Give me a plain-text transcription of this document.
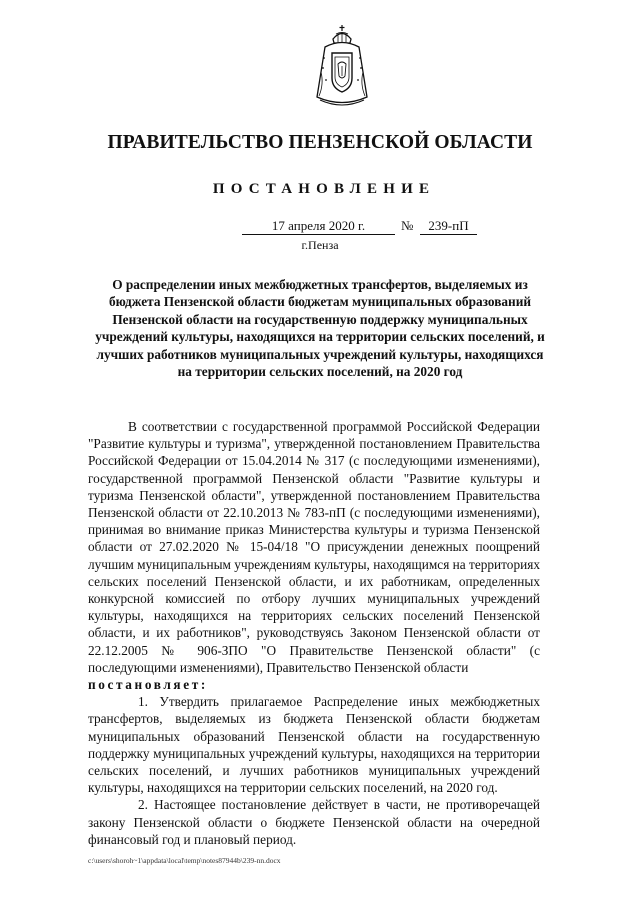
ПРАВИТЕЛЬСТВО ПЕНЗЕНСКОЙ ОБЛАСТИ
ПОСТАНОВЛЕНИЕ
17 апреля 2020 г.	№	239-пП
г.Пенза
О распределении иных межбюджетных трансфертов, выделяемых из бюджета Пензенской области бюджетам муниципальных образований Пензенской области на государственную поддержку муниципальных учреждений культуры, находящихся на территории сельских поселений, и лучших работников муниципальных учреждений культуры, находящихся на территории сельских поселений, на 2020 год

В соответствии с государственной программой Российской Федерации "Развитие культуры и туризма", утвержденной постановлением Правительства Российской Федерации от 15.04.2014 № 317 (с последующими изменениями), государственной программой Пензенской области "Развитие культуры и туризма Пензенской области", утвержденной постановлением Правительства Пензенской области от 22.10.2013 № 783-пП (с последующими изменениями), принимая во внимание приказ Министерства культуры и туризма Пензенской области от 27.02.2020 № 15-04/18 "О присуждении денежных поощрений лучшим муниципальным учреждениям культуры, находящимся на территориях сельских поселений Пензенской области, и их работникам, определенных конкурсной комиссией по отбору лучших муниципальных учреждений культуры, находящихся на территориях сельских поселений Пензенской области, и их работников", руководствуясь Законом Пензенской области от 22.12.2005 № 906-ЗПО "О Правительстве Пензенской области" (с последующими изменениями), Правительство Пензенской области

постановляет:

1. Утвердить прилагаемое Распределение иных межбюджетных трансфертов, выделяемых из бюджета Пензенской области бюджетам муниципальных образований Пензенской области на государственную поддержку муниципальных учреждений культуры, находящихся на территории сельских поселений, и лучших работников муниципальных учреждений культуры, находящихся на территории сельских поселений, на 2020 год.

2. Настоящее постановление действует в части, не противоречащей закону Пензенской области о бюджете Пензенской области на очередной финансовый год и плановый период.

c:\users\shoroh~1\appdata\local\temp\notes87944b\239-nn.docx
